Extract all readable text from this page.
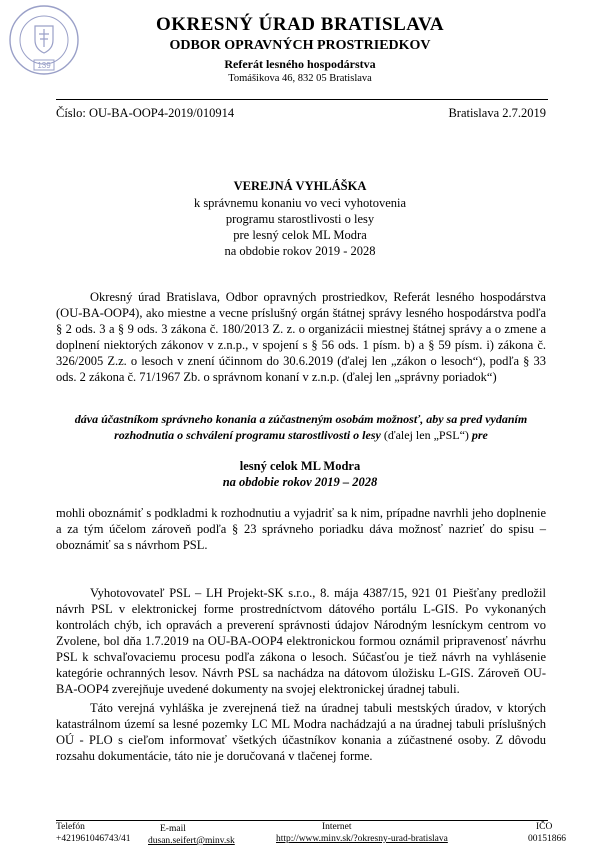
139
OKRESNÝ ÚRAD BRATISLAVA
ODBOR OPRAVNÝCH PROSTRIEDKOV
Referát lesného hospodárstva
Tomášikova 46, 832 05 Bratislava
Číslo: OU-BA-OOP4-2019/010914	Bratislava 2.7.2019
VEREJNÁ VYHLÁŠKA
k správnemu konaniu vo veci vyhotovenia
programu starostlivosti o lesy
pre lesný celok ML Modra
na obdobie rokov 2019 - 2028
Okresný úrad Bratislava, Odbor opravných prostriedkov, Referát lesného hospodárstva (OU-BA-OOP4), ako miestne a vecne príslušný orgán štátnej správy lesného hospodárstva podľa § 2 ods. 3 a § 9 ods. 3 zákona č. 180/2013 Z. z. o organizácii miestnej štátnej správy a o zmene a doplnení niektorých zákonov v z.n.p., v spojení s § 56 ods. 1 písm. b) a § 59 písm. i) zákona č. 326/2005 Z.z. o lesoch v znení účinnom do 30.6.2019 (ďalej len „zákon o lesoch“), podľa § 33 ods. 2 zákona č. 71/1967 Zb. o správnom konaní v z.n.p. (ďalej len „správny poriadok“)
dáva účastníkom správneho konania a zúčastneným osobám možnosť, aby sa pred vydaním rozhodnutia o schválení programu starostlivosti o lesy (ďalej len „PSL“) pre
lesný celok ML Modra
na obdobie rokov 2019 – 2028
mohli oboznámiť s podkladmi k rozhodnutiu a vyjadriť sa k nim, prípadne navrhli jeho doplnenie a za tým účelom zároveň podľa § 23 správneho poriadku dáva možnosť nazrieť do spisu – oboznámiť sa s návrhom PSL.
Vyhotovovateľ PSL – LH Projekt-SK s.r.o., 8. mája 4387/15, 921 01 Piešťany predložil návrh PSL v elektronickej forme prostredníctvom dátového portálu L-GIS. Po vykonaných kontrolách chýb, ich opravách a preverení správnosti údajov Národným lesníckym centrom vo Zvolene, bol dňa 1.7.2019 na OU-BA-OOP4 elektronickou formou oznámil pripravenosť návrhu PSL k schvaľovaciemu procesu podľa zákona o lesoch. Súčasťou je tiež návrh na vyhlásenie kategórie ochranných lesov. Návrh PSL sa nachádza na dátovom úložisku L-GIS. Zároveň OU-BA-OOP4 zverejňuje uvedené dokumenty na svojej elektronickej úradnej tabuli.
Táto verejná vyhláška je zverejnená tiež na úradnej tabuli mestských úradov, v ktorých katastrálnom území sa lesné pozemky LC ML Modra nachádzajú a na úradnej tabuli príslušných OÚ - PLO s cieľom informovať všetkých účastníkov konania a zúčastnené osoby. Z dôvodu rozsahu dokumentácie, táto nie je doručovaná v tlačenej forme.
Telefón
+421961046743/41
E-mail
dusan.seifert@minv.sk
Internet
http://www.minv.sk/?okresny-urad-bratislava
IČO
00151866
